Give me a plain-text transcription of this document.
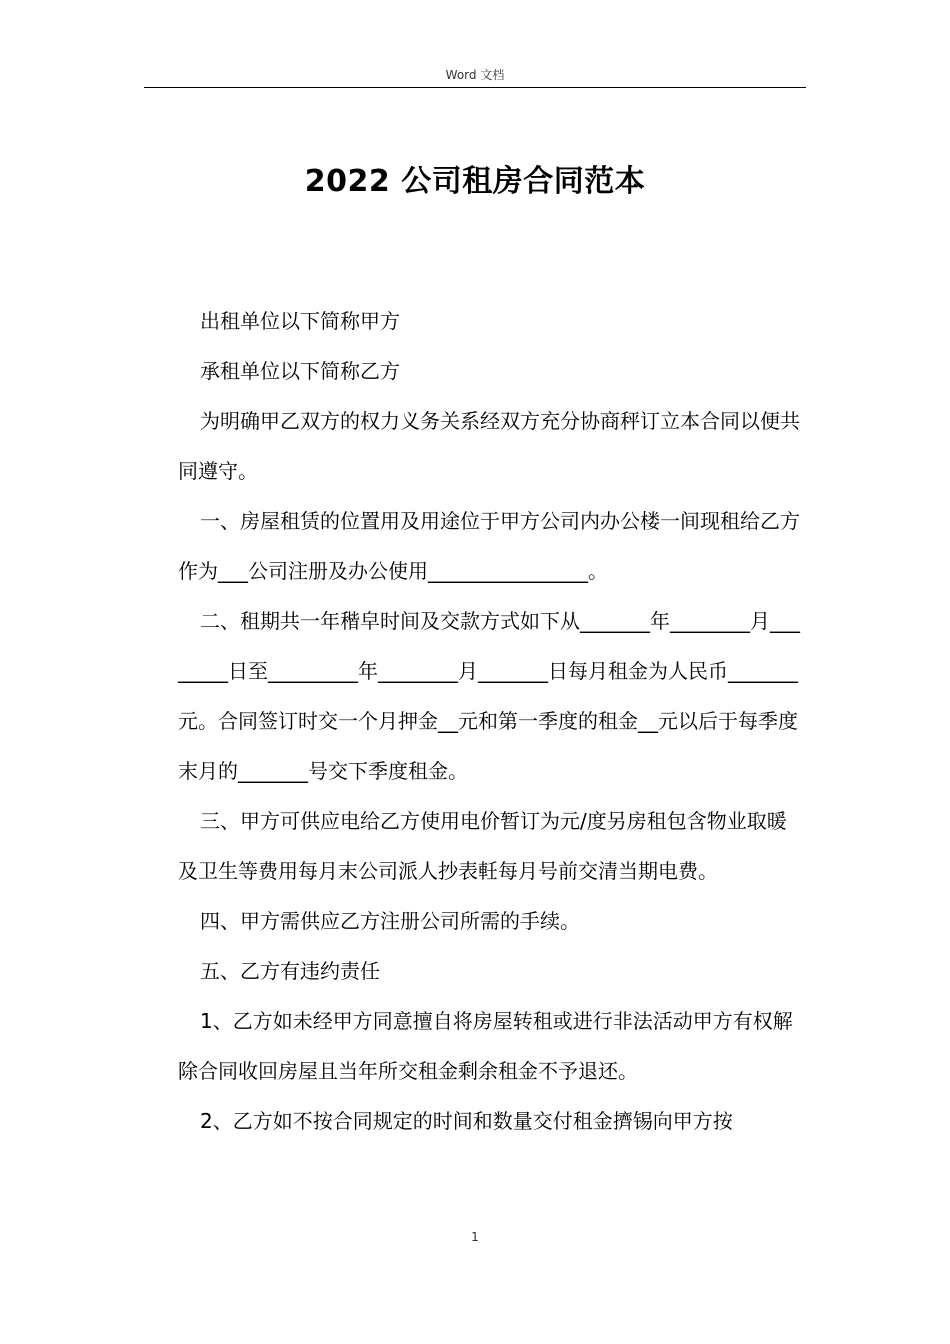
Word 文档
2022 公司租房合同范本

出租单位以下简称甲方

承租单位以下简称乙方

为明确甲乙双方的权力义务关系经双方充分协商秤订立本合同以便共同遵守。

一、房屋租赁的位置用及用途位于甲方公司内办公楼一间现租给乙方作为___公司注册及办公使用________________。

二、租期共一年稭皁时间及交款方式如下从_______年________月________日至_________年________月_______日每月租金为人民币_______元。合同签订时交一个月押金__元和第一季度的租金__元以后于每季度末月的_______号交下季度租金。

三、甲方可供应电给乙方使用电价暂订为元/度另房租包含物业取暖及卫生等费用每月末公司派人抄表軠每月号前交清当期电费。

四、甲方需供应乙方注册公司所需的手续。

五、乙方有违约责任

1、乙方如未经甲方同意擅自将房屋转租或进行非法活动甲方有权解除合同收回房屋且当年所交租金剩余租金不予退还。

2、乙方如不按合同规定的时间和数量交付租金擠锡向甲方按

1
